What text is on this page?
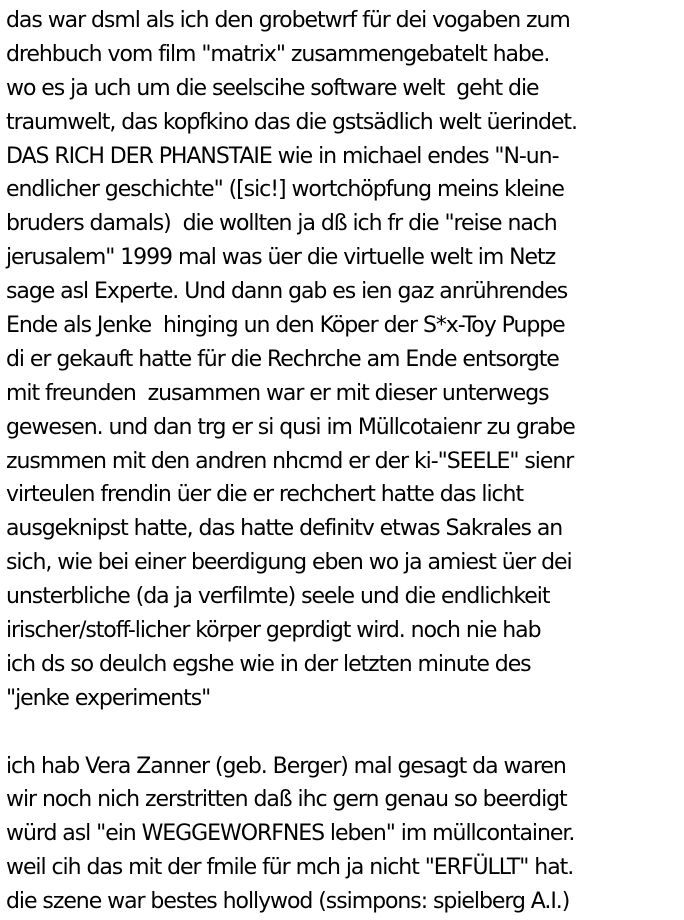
das war dsml als ich den grobetwrf für dei vogaben zum
drehbuch vom film "matrix" zusammengebatelt habe.
wo es ja uch um die seelscihe software welt  geht die
traumwelt, das kopfkino das die gstsädlich welt üerindet.
DAS RICH DER PHANSTAIE wie in michael endes "N-un-
endlicher geschichte" ([sic!] wortchöpfung meins kleine
bruders damals)  die wollten ja dß ich fr die "reise nach
jerusalem" 1999 mal was üer die virtuelle welt im Netz
sage asl Experte. Und dann gab es ien gaz anrührendes
Ende als Jenke  hinging un den Köper der S*x-Toy Puppe
di er gekauft hatte für die Rechrche am Ende entsorgte
mit freunden  zusammen war er mit dieser unterwegs
gewesen. und dan trg er si qusi im Müllcotaienr zu grabe
zusmmen mit den andren nhcmd er der ki-"SEELE" sienr
virteulen frendin üer die er rechchert hatte das licht
ausgeknipst hatte, das hatte definitv etwas Sakrales an
sich, wie bei einer beerdigung eben wo ja amiest üer dei
unsterbliche (da ja verfilmte) seele und die endlichkeit
irischer/stoff-licher körper geprdigt wird. noch nie hab
ich ds so deulch egshe wie in der letzten minute des
"jenke experiments"
ich hab Vera Zanner (geb. Berger) mal gesagt da waren
wir noch nich zerstritten daß ihc gern genau so beerdigt
würd asl "ein WEGGEWORFNES leben" im müllcontainer.
weil cih das mit der fmile für mch ja nicht "ERFÜLLT" hat.
die szene war bestes hollywod (ssimpons: spielberg A.I.)
